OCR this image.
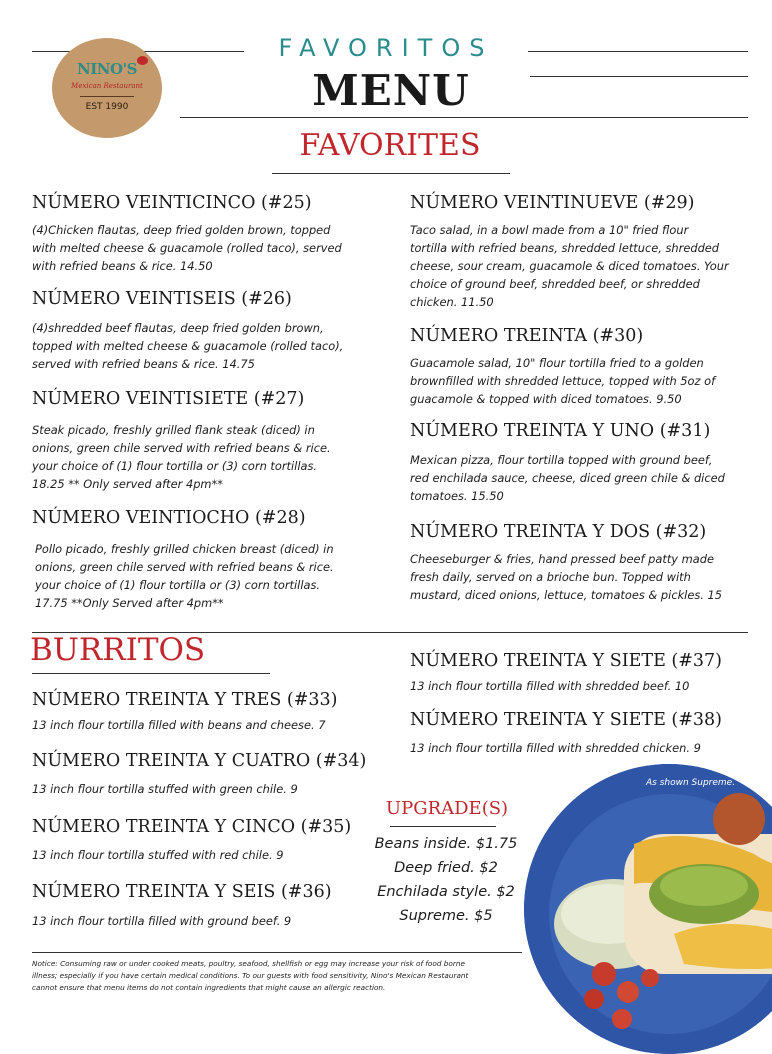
NINO'S
Mexican Restaurant
EST 1990
FAVORITOS
MENU
FAVORITES
NÚMERO VEINTICINCO (#25)
(4)Chicken flautas, deep fried golden brown, topped
with melted cheese & guacamole (rolled taco), served
with refried beans & rice. 14.50
NÚMERO VEINTISEIS (#26)
(4)shredded beef flautas, deep fried golden brown,
topped with melted cheese & guacamole (rolled taco),
served with refried beans & rice. 14.75
NÚMERO VEINTISIETE (#27)
Steak picado, freshly grilled flank steak (diced) in
onions, green chile served with refried beans & rice.
your choice of (1) flour tortilla or (3) corn tortillas.
18.25 ** Only served after 4pm**
NÚMERO VEINTIOCHO (#28)
Pollo picado, freshly grilled chicken breast (diced) in
onions, green chile served with refried beans & rice.
your choice of (1) flour tortilla or (3) corn tortillas.
17.75 **Only Served after 4pm**
NÚMERO VEINTINUEVE (#29)
Taco salad, in a bowl made from a 10" fried flour
tortilla with refried beans, shredded lettuce, shredded
cheese, sour cream, guacamole & diced tomatoes. Your
choice of ground beef, shredded beef, or shredded
chicken. 11.50
NÚMERO TREINTA (#30)
Guacamole salad, 10" flour tortilla fried to a golden
brownfilled with shredded lettuce, topped with 5oz of
guacamole & topped with diced tomatoes. 9.50
NÚMERO TREINTA Y UNO (#31)
Mexican pizza, flour tortilla topped with ground beef,
red enchilada sauce, cheese, diced green chile & diced
tomatoes. 15.50
NÚMERO TREINTA Y DOS (#32)
Cheeseburger & fries, hand pressed beef patty made
fresh daily, served on a brioche bun. Topped with
mustard, diced onions, lettuce, tomatoes & pickles. 15
BURRITOS
NÚMERO TREINTA Y TRES (#33)
13 inch flour tortilla filled with beans and cheese. 7
NÚMERO TREINTA Y CUATRO (#34)
13 inch flour tortilla stuffed with green chile. 9
NÚMERO TREINTA Y CINCO (#35)
13 inch flour tortilla stuffed with red chile. 9
NÚMERO TREINTA Y SEIS (#36)
13 inch flour tortilla filled with ground beef. 9
NÚMERO TREINTA Y SIETE (#37)
13 inch flour tortilla filled with shredded beef. 10
NÚMERO TREINTA Y SIETE (#38)
13 inch flour tortilla filled with shredded chicken. 9
UPGRADE(S)
Beans inside. $1.75
Deep fried. $2
Enchilada style. $2
Supreme. $5
As shown Supreme.
Notice: Consuming raw or under cooked meats, poultry, seafood, shellfish or egg may increase your risk of food borne
illness; especially if you have certain medical conditions. To our guests with food sensitivity, Nino's Mexican Restaurant
cannot ensure that menu items do not contain ingredients that might cause an allergic reaction.
